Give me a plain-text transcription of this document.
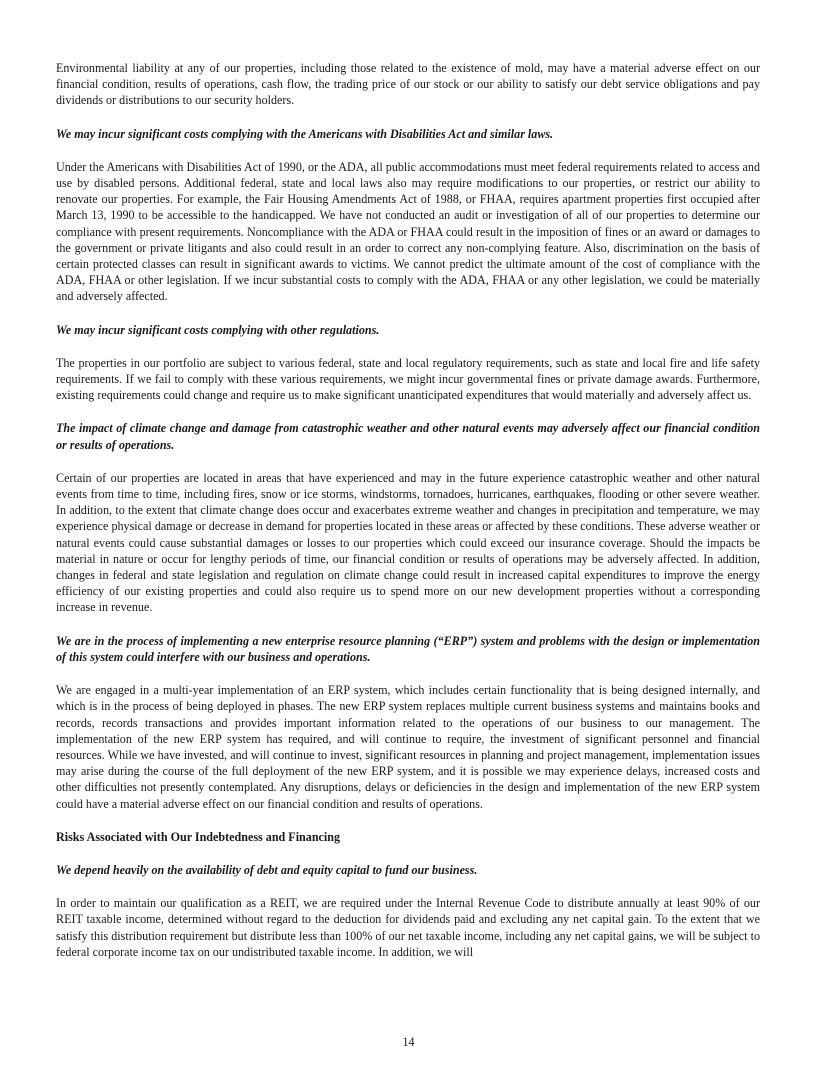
Environmental liability at any of our properties, including those related to the existence of mold, may have a material adverse effect on our financial condition, results of operations, cash flow, the trading price of our stock or our ability to satisfy our debt service obligations and pay dividends or distributions to our security holders.

We may incur significant costs complying with the Americans with Disabilities Act and similar laws.

Under the Americans with Disabilities Act of 1990, or the ADA, all public accommodations must meet federal requirements related to access and use by disabled persons. Additional federal, state and local laws also may require modifications to our properties, or restrict our ability to renovate our properties. For example, the Fair Housing Amendments Act of 1988, or FHAA, requires apartment properties first occupied after March 13, 1990 to be accessible to the handicapped. We have not conducted an audit or investigation of all of our properties to determine our compliance with present requirements. Noncompliance with the ADA or FHAA could result in the imposition of fines or an award or damages to the government or private litigants and also could result in an order to correct any non-complying feature. Also, discrimination on the basis of certain protected classes can result in significant awards to victims. We cannot predict the ultimate amount of the cost of compliance with the ADA, FHAA or other legislation. If we incur substantial costs to comply with the ADA, FHAA or any other legislation, we could be materially and adversely affected.

We may incur significant costs complying with other regulations.

The properties in our portfolio are subject to various federal, state and local regulatory requirements, such as state and local fire and life safety requirements. If we fail to comply with these various requirements, we might incur governmental fines or private damage awards. Furthermore, existing requirements could change and require us to make significant unanticipated expenditures that would materially and adversely affect us.

The impact of climate change and damage from catastrophic weather and other natural events may adversely affect our financial condition or results of operations.

Certain of our properties are located in areas that have experienced and may in the future experience catastrophic weather and other natural events from time to time, including fires, snow or ice storms, windstorms, tornadoes, hurricanes, earthquakes, flooding or other severe weather. In addition, to the extent that climate change does occur and exacerbates extreme weather and changes in precipitation and temperature, we may experience physical damage or decrease in demand for properties located in these areas or affected by these conditions. These adverse weather or natural events could cause substantial damages or losses to our properties which could exceed our insurance coverage. Should the impacts be material in nature or occur for lengthy periods of time, our financial condition or results of operations may be adversely affected. In addition, changes in federal and state legislation and regulation on climate change could result in increased capital expenditures to improve the energy efficiency of our existing properties and could also require us to spend more on our new development properties without a corresponding increase in revenue.

We are in the process of implementing a new enterprise resource planning (“ERP”) system and problems with the design or implementation of this system could interfere with our business and operations.

We are engaged in a multi-year implementation of an ERP system, which includes certain functionality that is being designed internally, and which is in the process of being deployed in phases. The new ERP system replaces multiple current business systems and maintains books and records, records transactions and provides important information related to the operations of our business to our management. The implementation of the new ERP system has required, and will continue to require, the investment of significant personnel and financial resources. While we have invested, and will continue to invest, significant resources in planning and project management, implementation issues may arise during the course of the full deployment of the new ERP system, and it is possible we may experience delays, increased costs and other difficulties not presently contemplated. Any disruptions, delays or deficiencies in the design and implementation of the new ERP system could have a material adverse effect on our financial condition and results of operations.

Risks Associated with Our Indebtedness and Financing

We depend heavily on the availability of debt and equity capital to fund our business.

In order to maintain our qualification as a REIT, we are required under the Internal Revenue Code to distribute annually at least 90% of our REIT taxable income, determined without regard to the deduction for dividends paid and excluding any net capital gain. To the extent that we satisfy this distribution requirement but distribute less than 100% of our net taxable income, including any net capital gains, we will be subject to federal corporate income tax on our undistributed taxable income. In addition, we will

14
